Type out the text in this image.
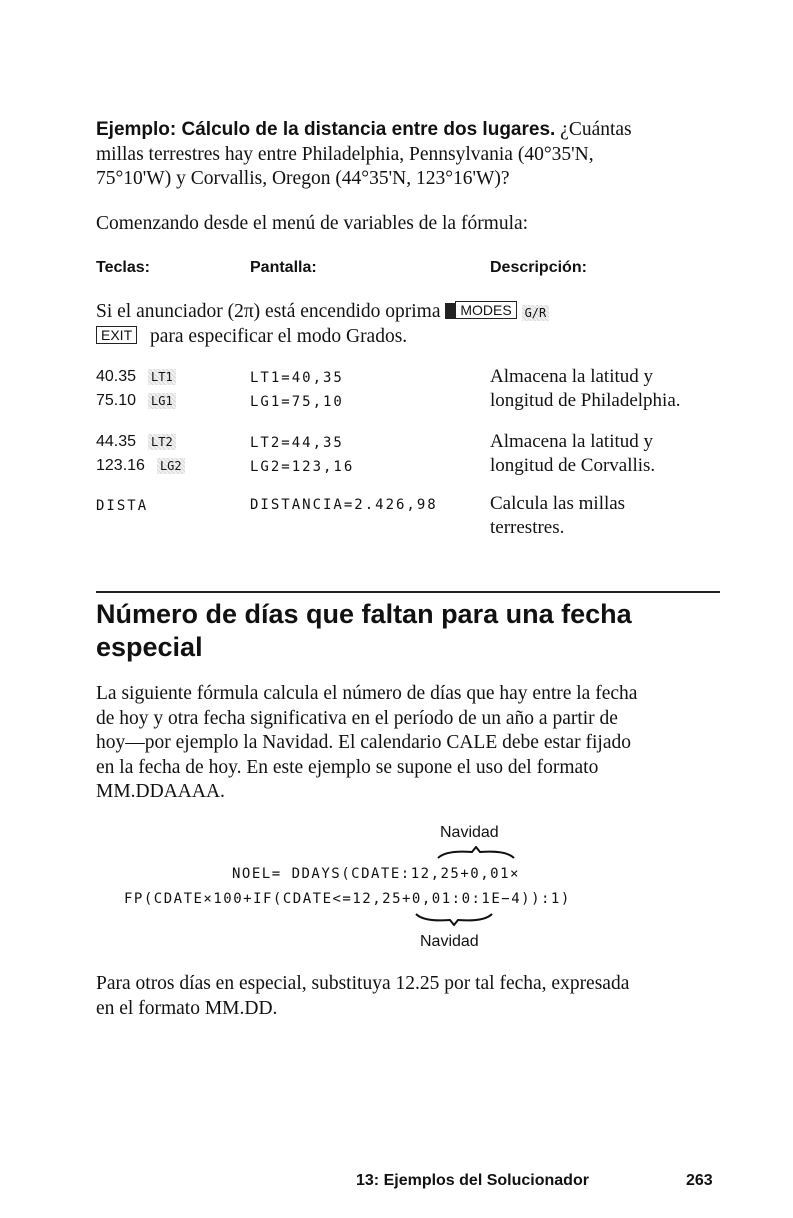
Ejemplo: Cálculo de la distancia entre dos lugares. ¿Cuántas
millas terrestres hay entre Philadelphia, Pennsylvania (40°35'N,
75°10'W) y Corvallis, Oregon (44°35'N, 123°16'W)?
Comenzando desde el menú de variables de la fórmula:
Teclas:	Pantalla:	Descripción:
Si el anunciador (2π) está encendido oprima MODES G/R
EXIT para especificar el modo Grados.
40.35 LT1	LT1=40,35	Almacena la latitud y
75.10 LG1	LG1=75,10	longitud de Philadelphia.
44.35 LT2	LT2=44,35	Almacena la latitud y
123.16 LG2	LG2=123,16	longitud de Corvallis.
DISTA	DISTANCIA=2.426,98	Calcula las millas
terrestres.
Número de días que faltan para una fecha
especial
La siguiente fórmula calcula el número de días que hay entre la fecha
de hoy y otra fecha significativa en el período de un año a partir de
hoy—por ejemplo la Navidad. El calendario CALE debe estar fijado
en la fecha de hoy. En este ejemplo se supone el uso del formato
MM.DDAAAA.
Navidad
NOEL= DDAYS(CDATE:12,25+0,01×
FP(CDATE×100+IF(CDATE<=12,25+0,01:0:1E−4)):1)
Navidad
Para otros días en especial, substituya 12.25 por tal fecha, expresada
en el formato MM.DD.
13: Ejemplos del Solucionador	263
